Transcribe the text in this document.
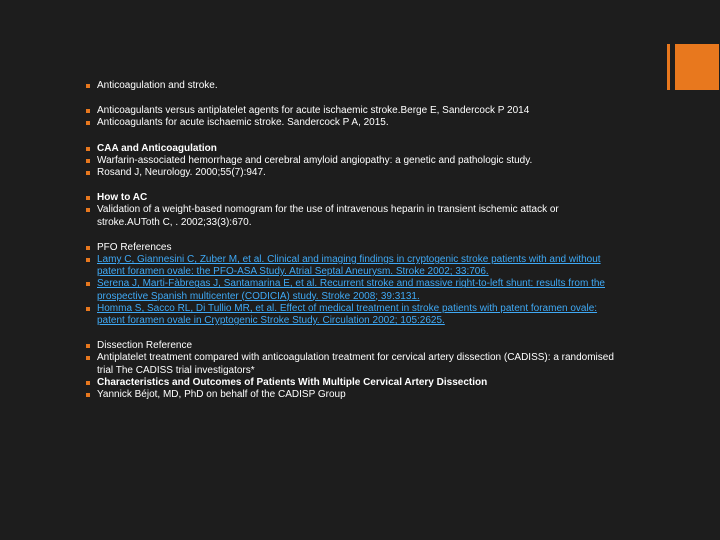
Anticoagulation and stroke.
Anticoagulants versus antiplatelet agents for acute ischaemic stroke.Berge E, Sandercock P 2014
Anticoagulants for acute ischaemic stroke. Sandercock P A, 2015.
CAA and Anticoagulation
Warfarin-associated hemorrhage and cerebral amyloid angiopathy: a genetic and pathologic study.
Rosand J, Neurology. 2000;55(7):947.
How to AC
Validation of a weight-based nomogram for the use of intravenous heparin in transient ischemic attack or stroke.AUToth C, . 2002;33(3):670.
PFO References
Lamy C, Giannesini C, Zuber M, et al. Clinical and imaging findings in cryptogenic stroke patients with and without patent foramen ovale: the PFO-ASA Study. Atrial Septal Aneurysm. Stroke 2002; 33:706.
Serena J, Marti-Fàbregas J, Santamarina E, et al. Recurrent stroke and massive right-to-left shunt: results from the prospective Spanish multicenter (CODICIA) study. Stroke 2008; 39:3131.
Homma S, Sacco RL, Di Tullio MR, et al. Effect of medical treatment in stroke patients with patent foramen ovale: patent foramen ovale in Cryptogenic Stroke Study. Circulation 2002; 105:2625.
Dissection Reference
Antiplatelet treatment compared with anticoagulation treatment for cervical artery dissection (CADISS): a randomised trial The CADISS trial investigators*
Characteristics and Outcomes of Patients With Multiple Cervical Artery Dissection
Yannick Béjot, MD, PhD on behalf of the CADISP Group
